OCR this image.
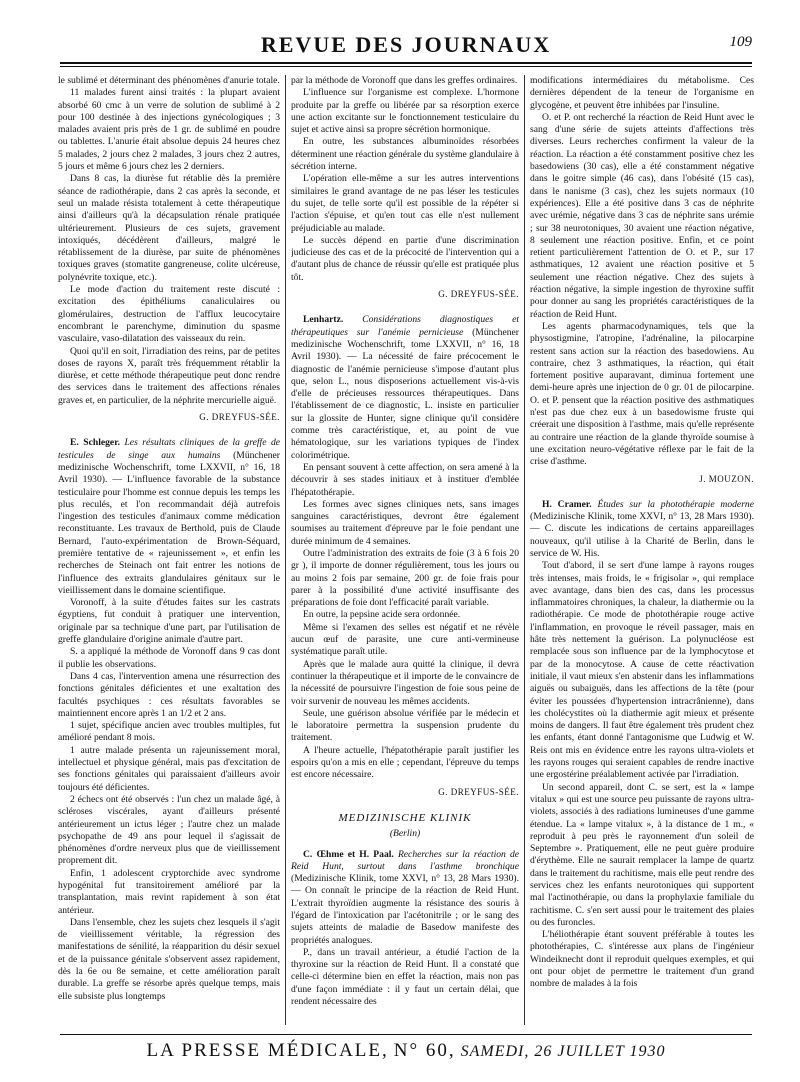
REVUE DES JOURNAUX	109

le sublimé et déterminant des phénomènes d'anurie totale.

11 malades furent ainsi traités : la plupart avaient absorbé 60 cmc à un verre de solution de sublimé à 2 pour 100 destinée à des injections gynécologiques ; 3 malades avaient pris près de 1 gr. de sublimé en poudre ou tablettes. L'anurie était absolue depuis 24 heures chez 5 malades, 2 jours chez 2 malades, 3 jours chez 2 autres, 5 jours et même 6 jours chez les 2 derniers.

Dans 8 cas, la diurèse fut rétablie dès la première séance de radiothérapie, dans 2 cas après la seconde, et seul un malade résista totalement à cette thérapeutique ainsi d'ailleurs qu'à la décapsulation rénale pratiquée ultérieurement. Plusieurs de ces sujets, gravement intoxiqués, décédèrent d'ailleurs, malgré le rétablissement de la diurèse, par suite de phénomènes toxiques graves (stomatite gangreneuse, colite ulcéreuse, polynévrite toxique, etc.).

Le mode d'action du traitement reste discuté : excitation des épithéliums canaliculaires ou glomérulaires, destruction de l'afflux leucocytaire encombrant le parenchyme, diminution du spasme vasculaire, vaso-dilatation des vaisseaux du rein.

Quoi qu'il en soit, l'irradiation des reins, par de petites doses de rayons X, paraît très fréquemment rétablir la diurèse, et cette méthode thérapeutique peut donc rendre des services dans le traitement des affections rénales graves et, en particulier, de la néphrite mercurielle aiguë.

G. DREYFUS-SÉE.

E. Schleger. Les résultats cliniques de la greffe de testicules de singe aux humains (Münchener medizinische Wochenschrift, tome LXXVII, n° 16, 18 Avril 1930). — L'influence favorable de la substance testiculaire pour l'homme est connue depuis les temps les plus reculés, et l'on recommandait déjà autrefois l'ingestion des testicules d'animaux comme médication reconstituante. Les travaux de Berthold, puis de Claude Bernard, l'auto-expérimentation de Brown-Séquard, première tentative de « rajeunissement », et enfin les recherches de Steinach ont fait entrer les notions de l'influence des extraits glandulaires génitaux sur le vieillissement dans le domaine scientifique.

Voronoff, à la suite d'études faites sur les castrats égyptiens, fut conduit à pratiquer une intervention, originale par sa technique d'une part, par l'utilisation de greffe glandulaire d'origine animale d'autre part.

S. a appliqué la méthode de Voronoff dans 9 cas dont il publie les observations.

Dans 4 cas, l'intervention amena une résurrection des fonctions génitales déficientes et une exaltation des facultés psychiques : ces résultats favorables se maintiennent encore après 1 an 1/2 et 2 ans.

1 sujet, spécifique ancien avec troubles multiples, fut amélioré pendant 8 mois.

1 autre malade présenta un rajeunissement moral, intellectuel et physique général, mais pas d'excitation de ses fonctions génitales qui paraissaient d'ailleurs avoir toujours été déficientes.

2 échecs ont été observés : l'un chez un malade âgé, à scléroses viscérales, ayant d'ailleurs présenté antérieurement un ictus léger ; l'autre chez un malade psychopathe de 49 ans pour lequel il s'agissait de phénomènes d'ordre nerveux plus que de vieillissement proprement dit.

Enfin, 1 adolescent cryptorchide avec syndrome hypogénital fut transitoirement amélioré par la transplantation, mais revint rapidement à son état antérieur.

Dans l'ensemble, chez les sujets chez lesquels il s'agit de vieillissement véritable, la régression des manifestations de sénilité, la réapparition du désir sexuel et de la puissance génitale s'observent assez rapidement, dès la 6e ou 8e semaine, et cette amélioration paraît durable. La greffe se résorbe après quelque temps, mais elle subsiste plus longtemps

par la méthode de Voronoff que dans les greffes ordinaires.

L'influence sur l'organisme est complexe. L'hormone produite par la greffe ou libérée par sa résorption exerce une action excitante sur le fonctionnement testiculaire du sujet et active ainsi sa propre sécrétion hormonique.

En outre, les substances albuminoïdes résorbées déterminent une réaction générale du système glandulaire à sécrétion interne.

L'opération elle-même a sur les autres interventions similaires le grand avantage de ne pas léser les testicules du sujet, de telle sorte qu'il est possible de la répéter si l'action s'épuise, et qu'en tout cas elle n'est nullement préjudiciable au malade.

Le succès dépend en partie d'une discrimination judicieuse des cas et de la précocité de l'intervention qui a d'autant plus de chance de réussir qu'elle est pratiquée plus tôt.

G. DREYFUS-SÉE.

Lenhartz. Considérations diagnostiques et thérapeutiques sur l'anémie pernicieuse (Münchener medizinische Wochenschrift, tome LXXVII, n° 16, 18 Avril 1930). — La nécessité de faire précocement le diagnostic de l'anémie pernicieuse s'impose d'autant plus que, selon L., nous disposerions actuellement vis-à-vis d'elle de précieuses ressources thérapeutiques. Dans l'établissement de ce diagnostic, L. insiste en particulier sur la glossite de Hunter, signe clinique qu'il considère comme très caractéristique, et, au point de vue hématologique, sur les variations typiques de l'index colorimétrique.

En pensant souvent à cette affection, on sera amené à la découvrir à ses stades initiaux et à instituer d'emblée l'hépatothérapie.

Les formes avec signes cliniques nets, sans images sanguines caractéristiques, devront être également soumises au traitement d'épreuve par le foie pendant une durée minimum de 4 semaines.

Outre l'administration des extraits de foie (3 à 6 fois 20 gr ), il importe de donner régulièrement, tous les jours ou au moins 2 fois par semaine, 200 gr. de foie frais pour parer à la possibilité d'une activité insuffisante des préparations de foie dont l'efficacité paraît variable.

En outre, la pepsine acide sera ordonnée.

Même si l'examen des selles est négatif et ne révèle aucun œuf de parasite, une cure anti-vermineuse systématique paraît utile.

Après que le malade aura quitté la clinique, il devra continuer la thérapeutique et il importe de le convaincre de la nécessité de poursuivre l'ingestion de foie sous peine de voir survenir de nouveau les mêmes accidents.

Seule, une guérison absolue vérifiée par le médecin et le laboratoire permettra la suspension prudente du traitement.

A l'heure actuelle, l'hépatothérapie paraît justifier les espoirs qu'on a mis en elle ; cependant, l'épreuve du temps est encore nécessaire.

G. DREYFUS-SÉE.
MEDIZINISCHE KLINIK
(Berlin)

C. Œhme et H. Paal. Recherches sur la réaction de Reid Hunt, surtout dans l'asthme bronchique (Medizinische Klinik, tome XXVI, n° 13, 28 Mars 1930). — On connaît le principe de la réaction de Reid Hunt. L'extrait thyroïdien augmente la résistance des souris à l'égard de l'intoxication par l'acétonitrile ; or le sang des sujets atteints de maladie de Basedow manifeste des propriétés analogues.

P., dans un travail antérieur, a étudié l'action de la thyroxine sur la réaction de Reid Hunt. Il a constaté que celle-ci détermine bien en effet la réaction, mais non pas d'une façon immédiate : il y faut un certain délai, que rendent nécessaire des

modifications intermédiaires du métabolisme. Ces dernières dépendent de la teneur de l'organisme en glycogène, et peuvent être inhibées par l'insuline.

O. et P. ont recherché la réaction de Reid Hunt avec le sang d'une série de sujets atteints d'affections très diverses. Leurs recherches confirment la valeur de la réaction. La réaction a été constamment positive chez les basedowiens (30 cas), elle a été constamment négative dans le goitre simple (46 cas), dans l'obésité (15 cas), dans le nanisme (3 cas), chez les sujets normaux (10 expériences). Elle a été positive dans 3 cas de néphrite avec urémie, négative dans 3 cas de néphrite sans urémie ; sur 38 neurotoniques, 30 avaient une réaction négative, 8 seulement une réaction positive. Enfin, et ce point retient particulièrement l'attention de O. et P., sur 17 asthmatiques, 12 avaient une réaction positive et 5 seulement une réaction négative. Chez des sujets à réaction négative, la simple ingestion de thyroxine suffit pour donner au sang les propriétés caractéristiques de la réaction de Reid Hunt.

Les agents pharmacodynamiques, tels que la physostigmine, l'atropine, l'adrénaline, la pilocarpine restent sans action sur la réaction des basedowiens. Au contraire, chez 3 asthmatiques, la réaction, qui était fortement positive auparavant, diminua fortement une demi-heure après une injection de 0 gr. 01 de pilocarpine. O. et P. pensent que la réaction positive des asthmatiques n'est pas due chez eux à un basedowisme fruste qui créerait une disposition à l'asthme, mais qu'elle représente au contraire une réaction de la glande thyroïde soumise à une excitation neuro-végétative réflexe par le fait de la crise d'asthme.

J. MOUZON.

H. Cramer. Études sur la photothérapie moderne (Medizinische Klinik, tome XXVI, n° 13, 28 Mars 1930). — C. discute les indications de certains appareillages nouveaux, qu'il utilise à la Charité de Berlin, dans le service de W. His.

Tout d'abord, il se sert d'une lampe à rayons rouges très intenses, mais froids, le « frigisolar », qui remplace avec avantage, dans bien des cas, dans les processus inflammatoires chroniques, la chaleur, la diathermie ou la radiothérapie. Ce mode de photothérapie rouge active l'inflammation, en provoque le réveil passager, mais en hâte très nettement la guérison. La polynucléose est remplacée sous son influence par de la lymphocytose et par de la monocytose. A cause de cette réactivation initiale, il vaut mieux s'en abstenir dans les inflammations aiguës ou subaiguës, dans les affections de la tête (pour éviter les poussées d'hypertension intracrânienne), dans les cholécystites où la diathermie agit mieux et présente moins de dangers. Il faut être également très prudent chez les enfants, étant donné l'antagonisme que Ludwig et W. Reis ont mis en évidence entre les rayons ultra-violets et les rayons rouges qui seraient capables de rendre inactive une ergostérine préalablement activée par l'irradiation.

Un second appareil, dont C. se sert, est la « lampe vitalux » qui est une source peu puissante de rayons ultra-violets, associés à des radiations lumineuses d'une gamme étendue. La « lampe vitalux », à la distance de 1 m., « reproduit à peu près le rayonnement d'un soleil de Septembre ». Pratiquement, elle ne peut guère produire d'érythème. Elle ne saurait remplacer la lampe de quartz dans le traitement du rachitisme, mais elle peut rendre des services chez les enfants neurotoniques qui supportent mal l'actinothérapie, ou dans la prophylaxie familiale du rachitisme. C. s'en sert aussi pour le traitement des plaies ou des furoncles.

L'héliothérapie étant souvent préférable à toutes les photothérapies, C. s'intéresse aux plans de l'ingénieur Windeiknecht dont il reproduit quelques exemples, et qui ont pour objet de permettre le traitement d'un grand nombre de malades à la fois

LA PRESSE MÉDICALE, N° 60, SAMEDI, 26 JUILLET 1930
